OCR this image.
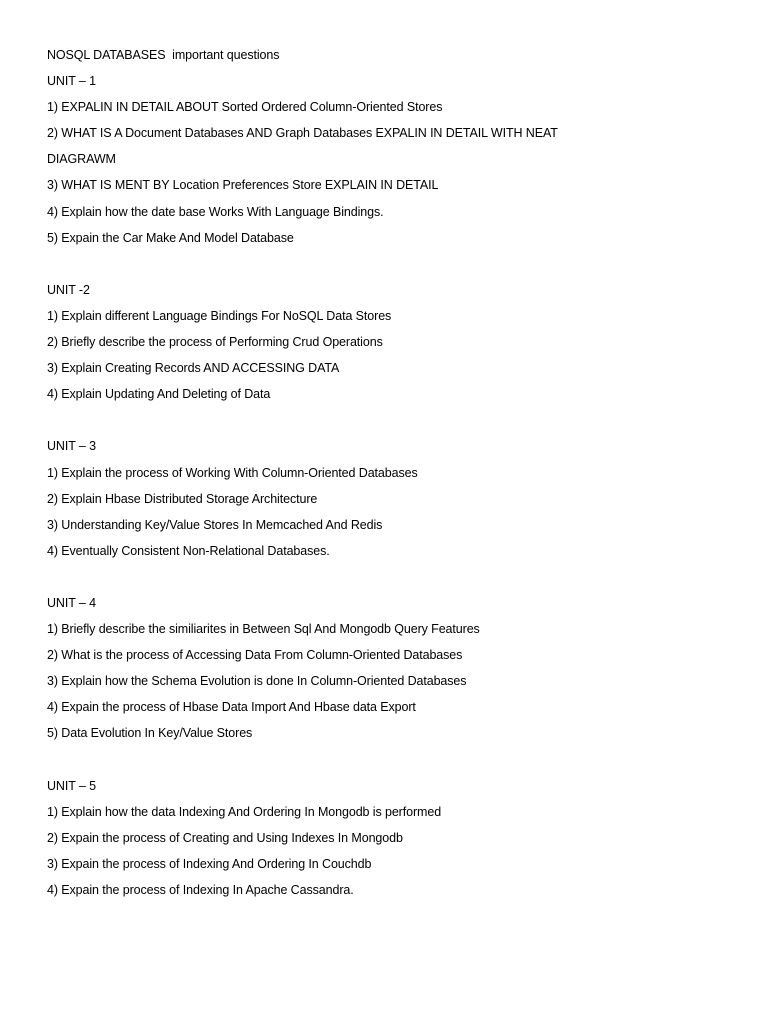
NOSQL DATABASES  important questions
UNIT – 1
1) EXPALIN IN DETAIL ABOUT Sorted Ordered Column-Oriented Stores
2) WHAT IS A Document Databases AND Graph Databases EXPALIN IN DETAIL WITH NEAT
DIAGRAWM
3) WHAT IS MENT BY Location Preferences Store EXPLAIN IN DETAIL
4) Explain how the date base Works With Language Bindings.
5) Expain the Car Make And Model Database
UNIT -2
1) Explain different Language Bindings For NoSQL Data Stores
2) Briefly describe the process of Performing Crud Operations
3) Explain Creating Records AND ACCESSING DATA
4) Explain Updating And Deleting of Data
UNIT – 3
1) Explain the process of Working With Column-Oriented Databases
2) Explain Hbase Distributed Storage Architecture
3) Understanding Key/Value Stores In Memcached And Redis
4) Eventually Consistent Non-Relational Databases.
UNIT – 4
1) Briefly describe the similiarites in Between Sql And Mongodb Query Features
2) What is the process of Accessing Data From Column-Oriented Databases
3) Explain how the Schema Evolution is done In Column-Oriented Databases
4) Expain the process of Hbase Data Import And Hbase data Export
5) Data Evolution In Key/Value Stores
UNIT – 5
1) Explain how the data Indexing And Ordering In Mongodb is performed
2) Expain the process of Creating and Using Indexes In Mongodb
3) Expain the process of Indexing And Ordering In Couchdb
4) Expain the process of Indexing In Apache Cassandra.
